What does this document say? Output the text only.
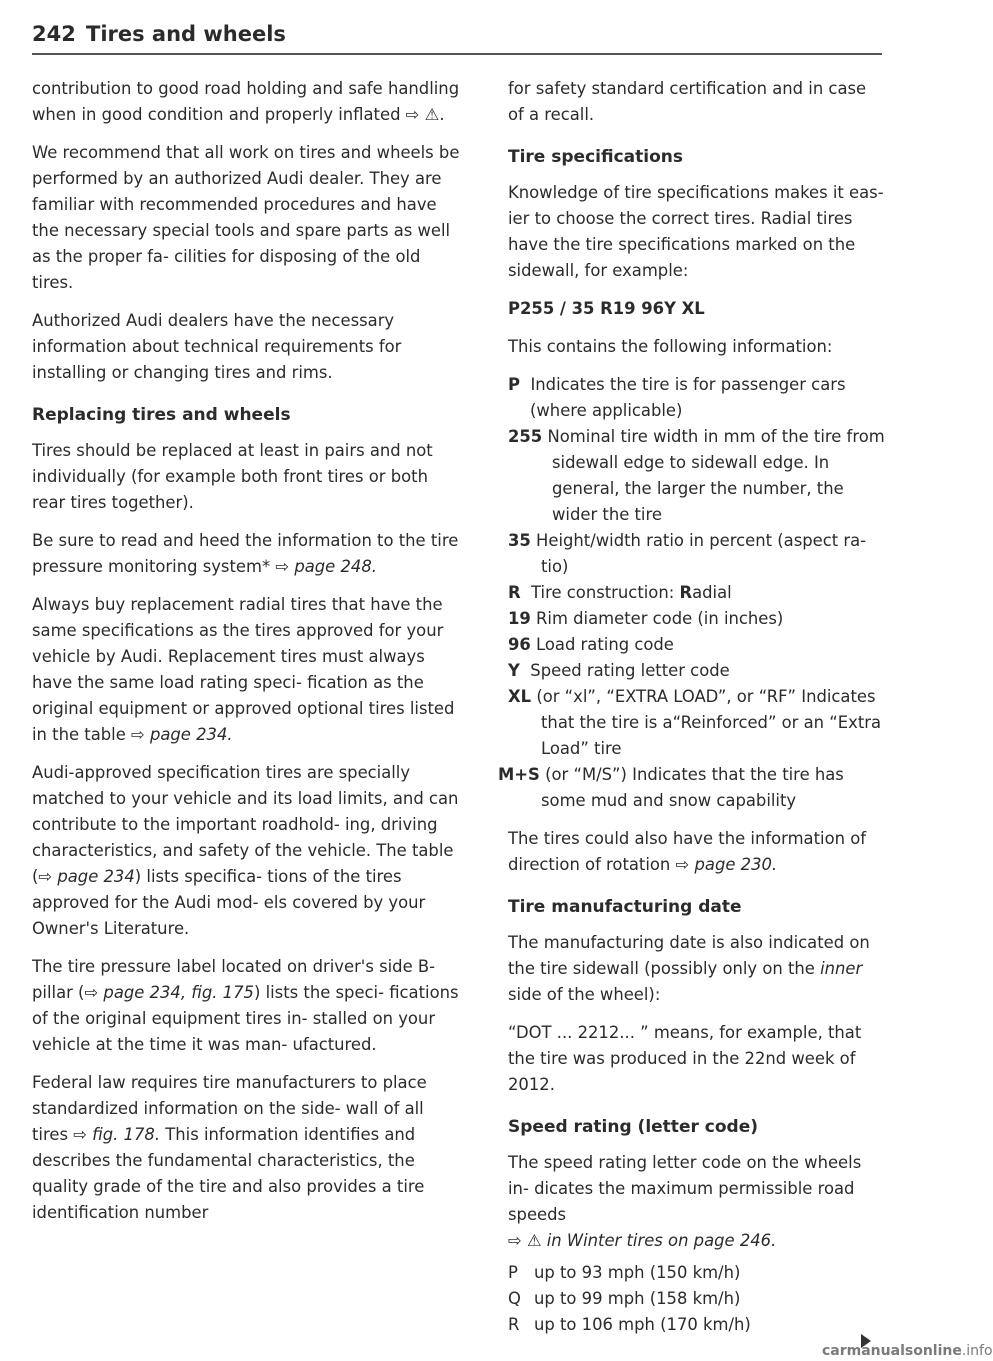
242 Tires and wheels

contribution to good road holding and safe handling when in good condition and properly inflated ⇨ ⚠.

We recommend that all work on tires and wheels be performed by an authorized Audi dealer. They are familiar with recommended procedures and have the necessary special tools and spare parts as well as the proper fa- cilities for disposing of the old tires.

Authorized Audi dealers have the necessary information about technical requirements for installing or changing tires and rims.

Replacing tires and wheels

Tires should be replaced at least in pairs and not individually (for example both front tires or both rear tires together).

Be sure to read and heed the information to the tire pressure monitoring system* ⇨ page 248.

Always buy replacement radial tires that have the same specifications as the tires approved for your vehicle by Audi. Replacement tires must always have the same load rating speci- fication as the original equipment or approved optional tires listed in the table ⇨ page 234.

Audi-approved specification tires are specially matched to your vehicle and its load limits, and can contribute to the important roadhold- ing, driving characteristics, and safety of the vehicle. The table (⇨ page 234) lists specifica- tions of the tires approved for the Audi mod- els covered by your Owner's Literature.

The tire pressure label located on driver's side B-pillar (⇨ page 234, fig. 175) lists the speci- fications of the original equipment tires in- stalled on your vehicle at the time it was man- ufactured.

Federal law requires tire manufacturers to place standardized information on the side- wall of all tires ⇨ fig. 178. This information identifies and describes the fundamental characteristics, the quality grade of the tire and also provides a tire identification number

for safety standard certification and in case of a recall.

Tire specifications

Knowledge of tire specifications makes it eas- ier to choose the correct tires. Radial tires have the tire specifications marked on the sidewall, for example:

P255 / 35 R19 96Y XL

This contains the following information:

P Indicates the tire is for passenger cars (where applicable)
255 Nominal tire width in mm of the tire from sidewall edge to sidewall edge. In general, the larger the number, the wider the tire
35 Height/width ratio in percent (aspect ra- tio)
R Tire construction: Radial
19 Rim diameter code (in inches)
96 Load rating code
Y Speed rating letter code
XL (or “xl”, “EXTRA LOAD”, or “RF” Indicates that the tire is a“Reinforced” or an “Extra Load” tire
M+S (or “M/S”) Indicates that the tire has some mud and snow capability

The tires could also have the information of direction of rotation ⇨ page 230.

Tire manufacturing date

The manufacturing date is also indicated on the tire sidewall (possibly only on the inner side of the wheel):

“DOT ... 2212... ” means, for example, that the tire was produced in the 22nd week of 2012.

Speed rating (letter code)

The speed rating letter code on the wheels in- dicates the maximum permissible road speeds
⇨ ⚠ in Winter tires on page 246.

P up to 93 mph (150 km/h)
Q up to 99 mph (158 km/h)
R up to 106 mph (170 km/h)
carmanualsonline.info
